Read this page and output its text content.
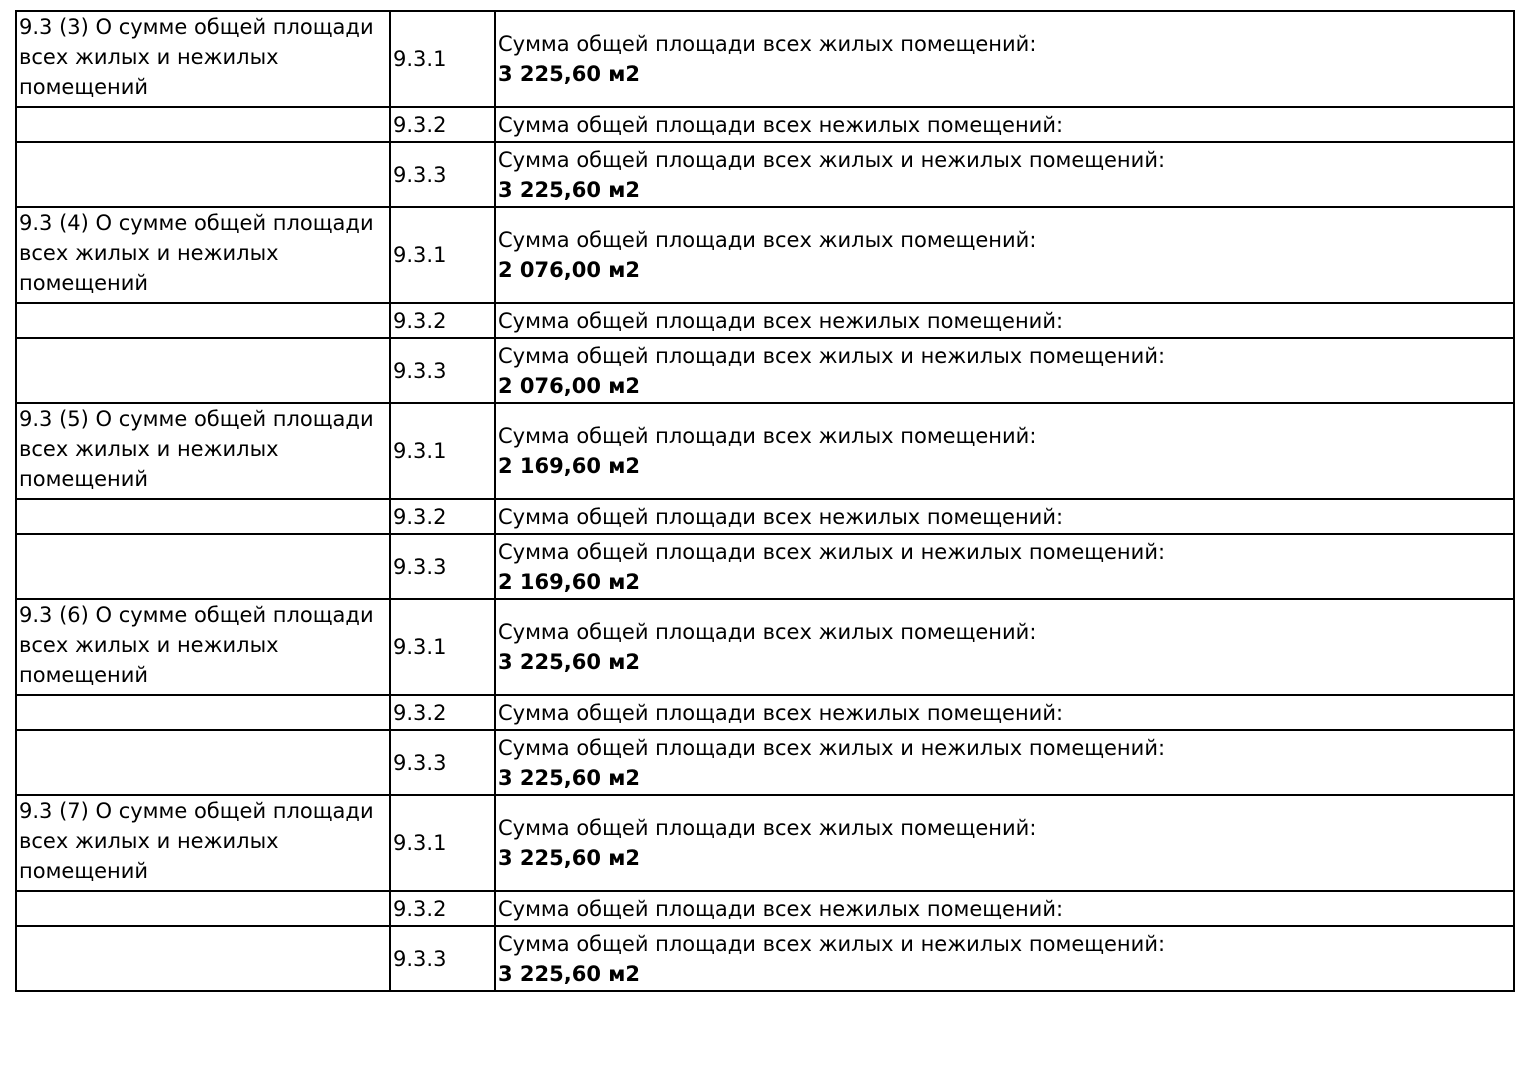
9.3 (3) О сумме общей площади всех жилых и нежилых помещений	9.3.1	Сумма общей площади всех жилых помещений:
3 225,60 м2

	9.3.2	Сумма общей площади всех нежилых помещений:

	9.3.3	Сумма общей площади всех жилых и нежилых помещений:
3 225,60 м2

9.3 (4) О сумме общей площади всех жилых и нежилых помещений	9.3.1	Сумма общей площади всех жилых помещений:
2 076,00 м2

	9.3.2	Сумма общей площади всех нежилых помещений:

	9.3.3	Сумма общей площади всех жилых и нежилых помещений:
2 076,00 м2

9.3 (5) О сумме общей площади всех жилых и нежилых помещений	9.3.1	Сумма общей площади всех жилых помещений:
2 169,60 м2

	9.3.2	Сумма общей площади всех нежилых помещений:

	9.3.3	Сумма общей площади всех жилых и нежилых помещений:
2 169,60 м2

9.3 (6) О сумме общей площади всех жилых и нежилых помещений	9.3.1	Сумма общей площади всех жилых помещений:
3 225,60 м2

	9.3.2	Сумма общей площади всех нежилых помещений:

	9.3.3	Сумма общей площади всех жилых и нежилых помещений:
3 225,60 м2

9.3 (7) О сумме общей площади всех жилых и нежилых помещений	9.3.1	Сумма общей площади всех жилых помещений:
3 225,60 м2

	9.3.2	Сумма общей площади всех нежилых помещений:

	9.3.3	Сумма общей площади всех жилых и нежилых помещений:
3 225,60 м2
